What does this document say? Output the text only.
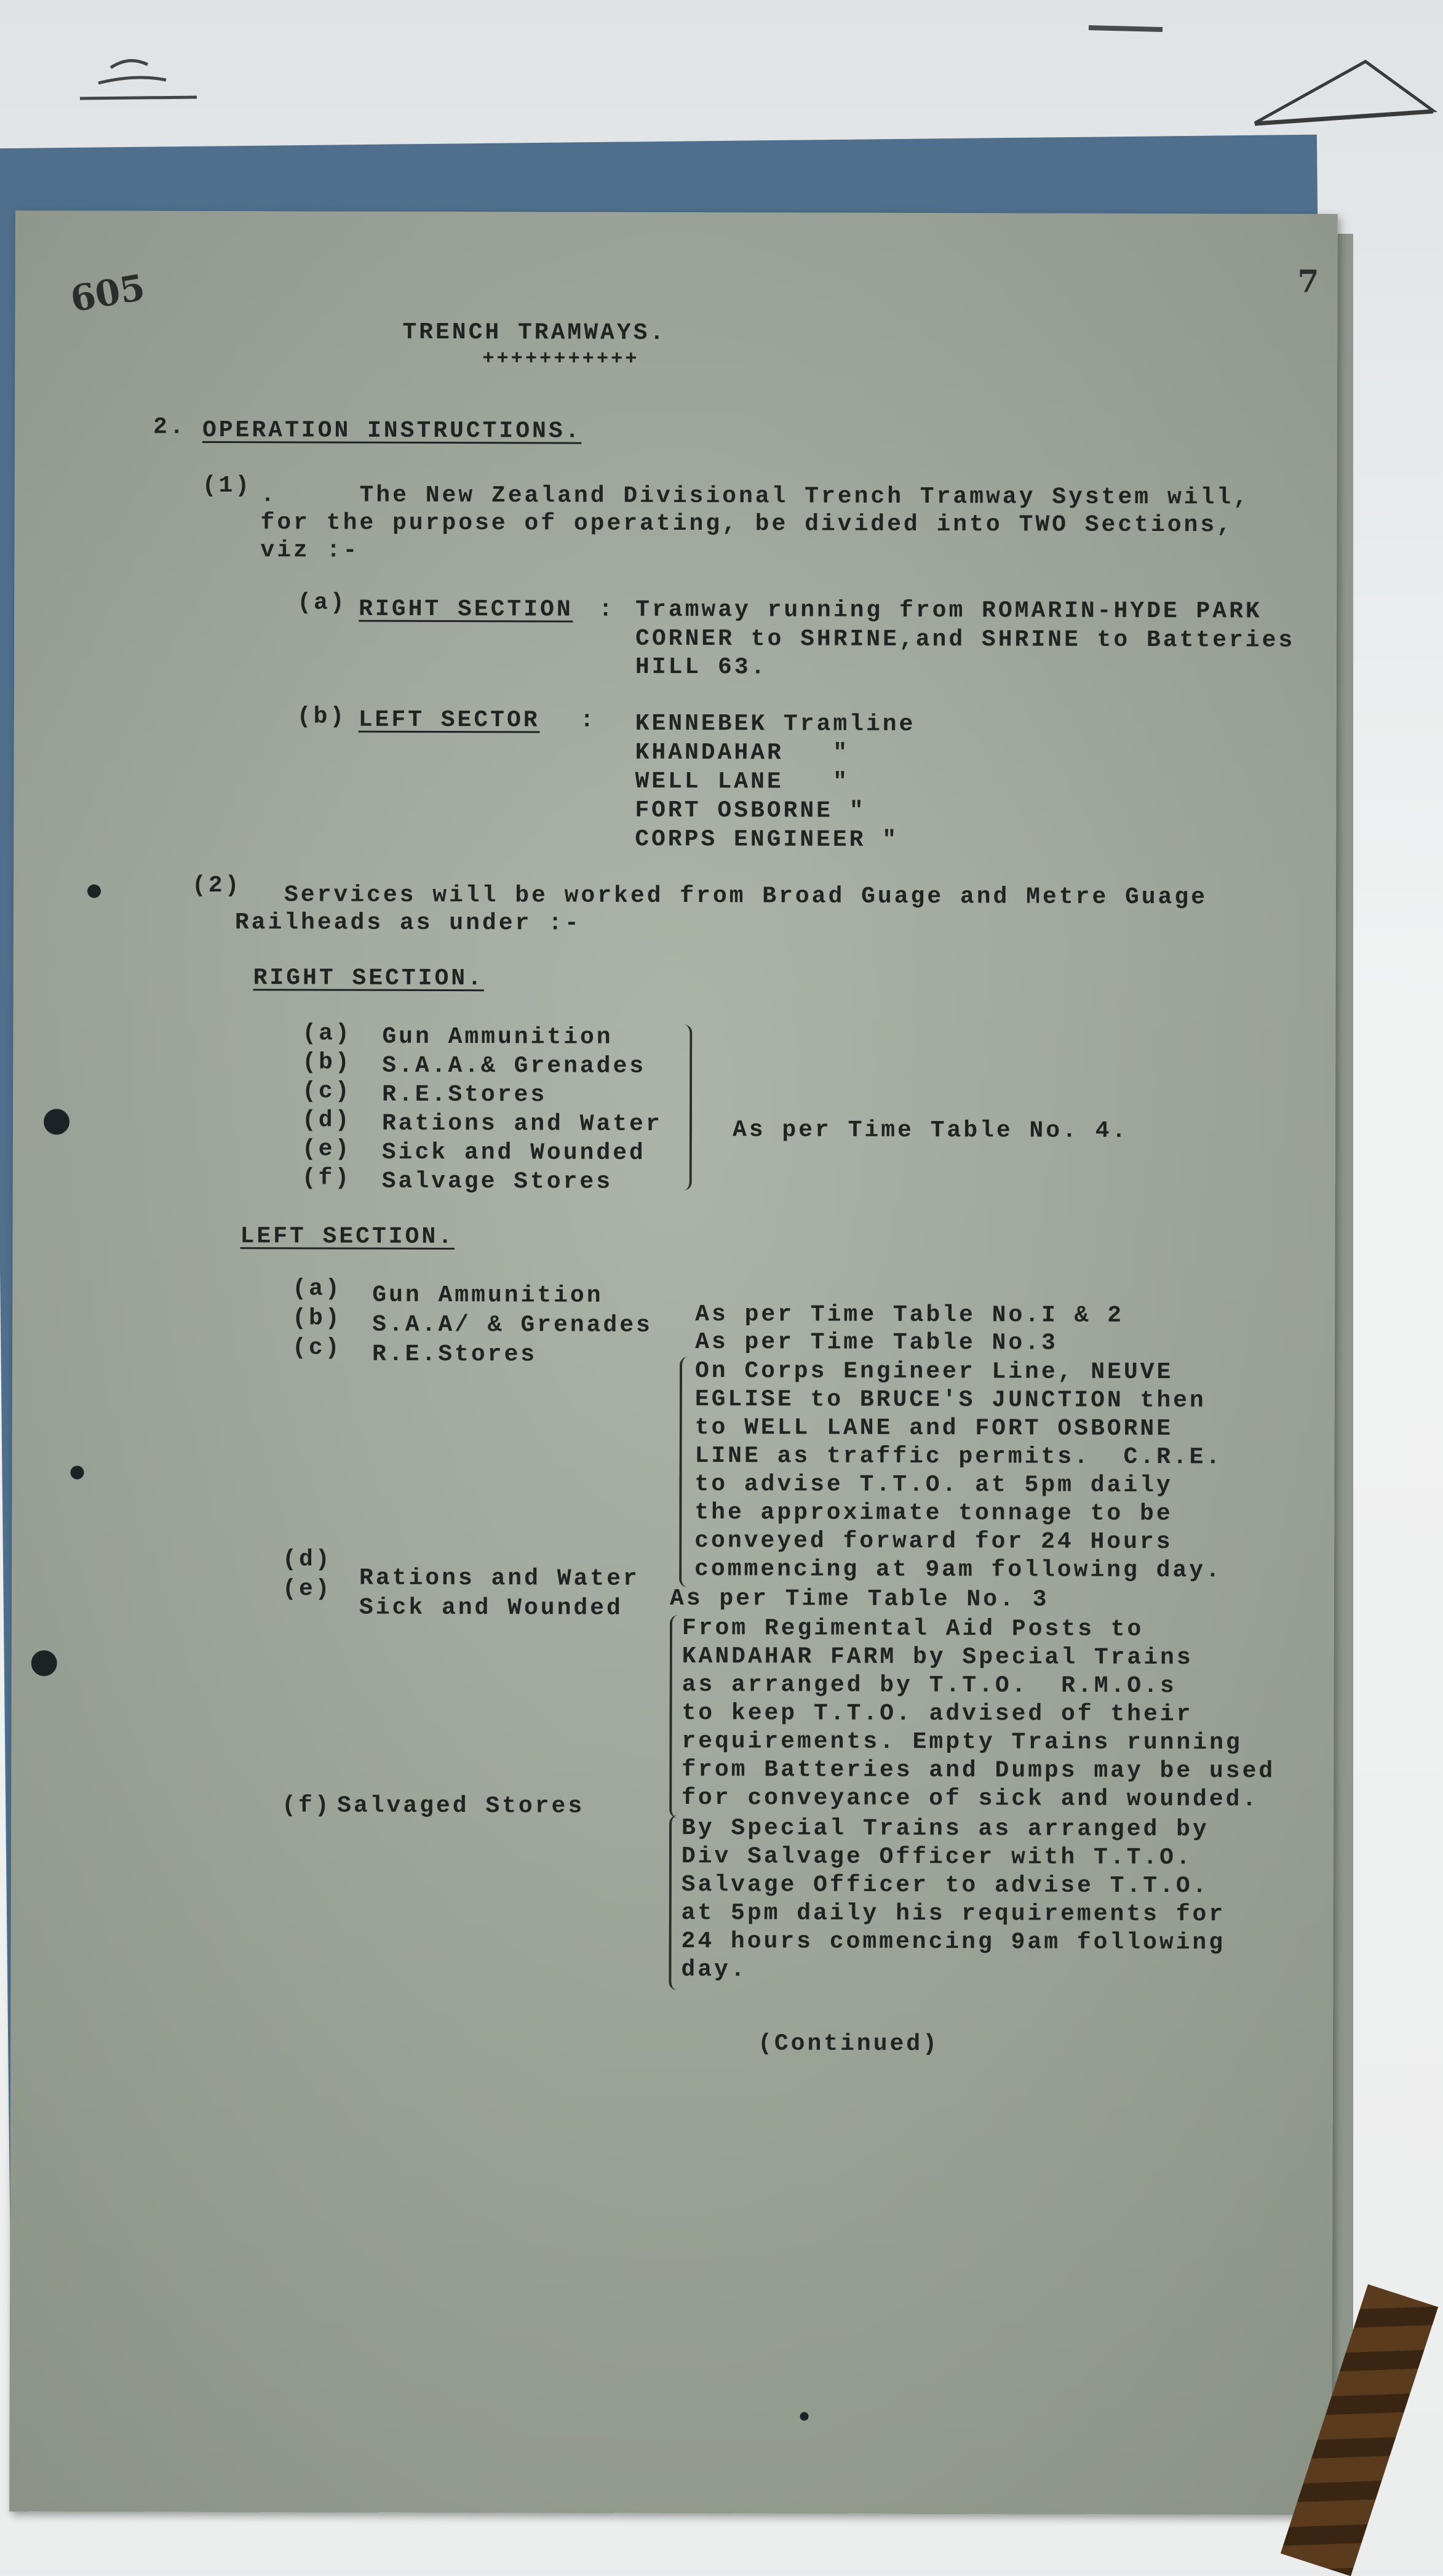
605	7
TRENCH TRAMWAYS.
+++++++++++
2. OPERATION INSTRUCTIONS.
(1) .     The New Zealand Divisional Trench Tramway System will,
for the purpose of operating, be divided into TWO Sections,
viz :-
(a) RIGHT SECTION : Tramway running from ROMARIN-HYDE PARK
CORNER to SHRINE,and SHRINE to Batteries
HILL 63.
(b) LEFT SECTOR : KENNEBEK Tramline
KHANDAHAR   "
WELL LANE   "
FORT OSBORNE "
CORPS ENGINEER "
(2) Services will be worked from Broad Guage and Metre Guage
Railheads as under :-
RIGHT SECTION.
(a) Gun Ammunition
(b) S.A.A.& Grenades
(c) R.E.Stores
(d) Rations and Water
(e) Sick and Wounded
(f) Salvage Stores
As per Time Table No. 4.
LEFT SECTION.
(a) Gun Ammunition
As per Time Table No.I & 2
(b) S.A.A/ & Grenades
As per Time Table No.3
(c) R.E.Stores
On Corps Engineer Line, NEUVE
EGLISE to BRUCE'S JUNCTION then
to WELL LANE and FORT OSBORNE
LINE as traffic permits.  C.R.E.
to advise T.T.O. at 5pm daily
the approximate tonnage to be
conveyed forward for 24 Hours
commencing at 9am following day.
(d)
Rations and Water
As per Time Table No. 3
(e)
Sick and Wounded
From Regimental Aid Posts to
KANDAHAR FARM by Special Trains
as arranged by T.T.O.  R.M.O.s
to keep T.T.O. advised of their
requirements. Empty Trains running
from Batteries and Dumps may be used
for conveyance of sick and wounded.
(f) Salvaged Stores
By Special Trains as arranged by
Div Salvage Officer with T.T.O.
Salvage Officer to advise T.T.O.
at 5pm daily his requirements for
24 hours commencing 9am following
day.
(Continued)
